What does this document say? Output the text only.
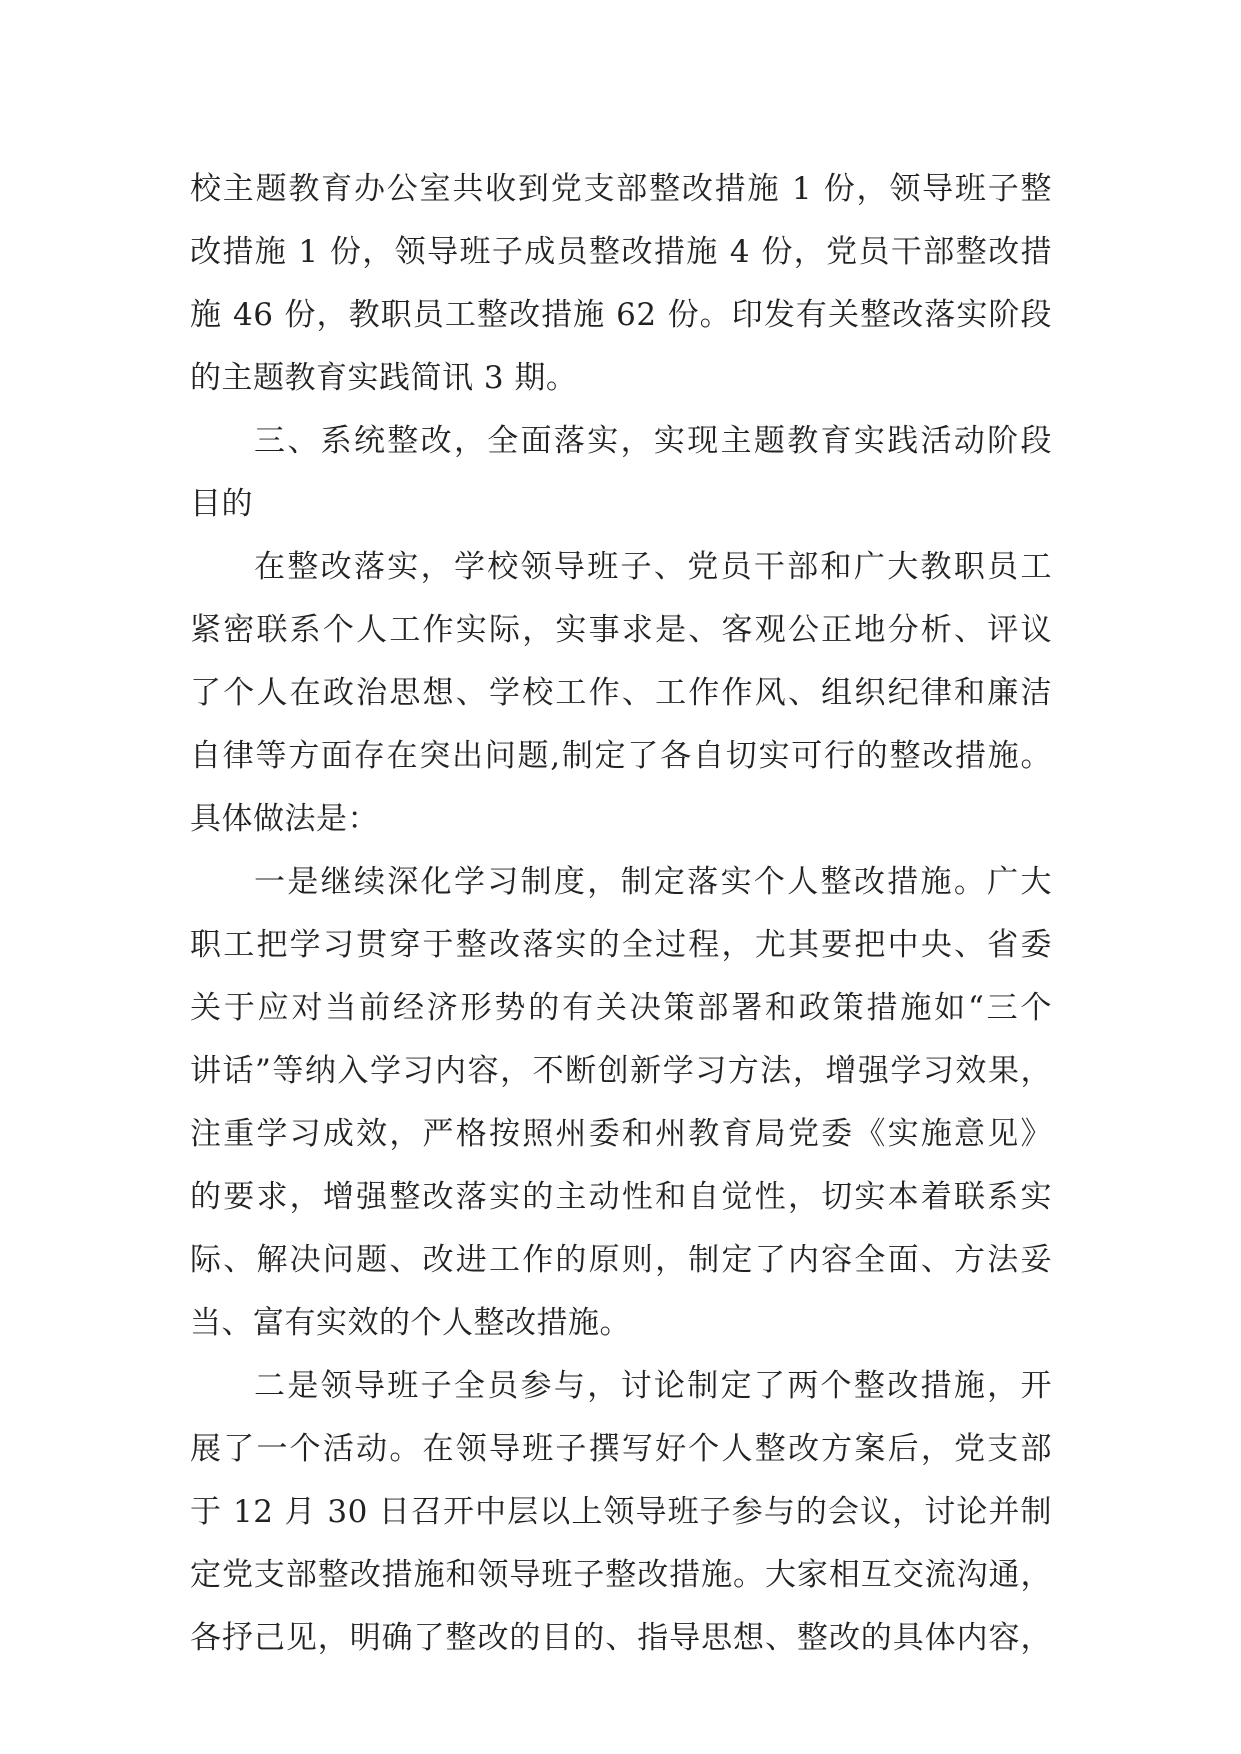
校主题教育办公室共收到党支部整改措施 1 份，领导班子整
改措施 1 份，领导班子成员整改措施 4 份，党员干部整改措
施 46 份，教职员工整改措施 62 份。印发有关整改落实阶段
的主题教育实践简讯 3 期。
三、系统整改，全面落实，实现主题教育实践活动阶段
目的
在整改落实，学校领导班子、党员干部和广大教职员工
紧密联系个人工作实际，实事求是、客观公正地分析、评议
了个人在政治思想、学校工作、工作作风、组织纪律和廉洁
自律等方面存在突出问题,制定了各自切实可行的整改措施。
具体做法是：
一是继续深化学习制度，制定落实个人整改措施。广大
职工把学习贯穿于整改落实的全过程，尤其要把中央、省委
关于应对当前经济形势的有关决策部署和政策措施如“三个
讲话”等纳入学习内容，不断创新学习方法，增强学习效果，
注重学习成效，严格按照州委和州教育局党委《实施意见》
的要求，增强整改落实的主动性和自觉性，切实本着联系实
际、解决问题、改进工作的原则，制定了内容全面、方法妥
当、富有实效的个人整改措施。
二是领导班子全员参与，讨论制定了两个整改措施，开
展了一个活动。在领导班子撰写好个人整改方案后，党支部
于 12 月 30 日召开中层以上领导班子参与的会议，讨论并制
定党支部整改措施和领导班子整改措施。大家相互交流沟通，
各抒己见，明确了整改的目的、指导思想、整改的具体内容，
